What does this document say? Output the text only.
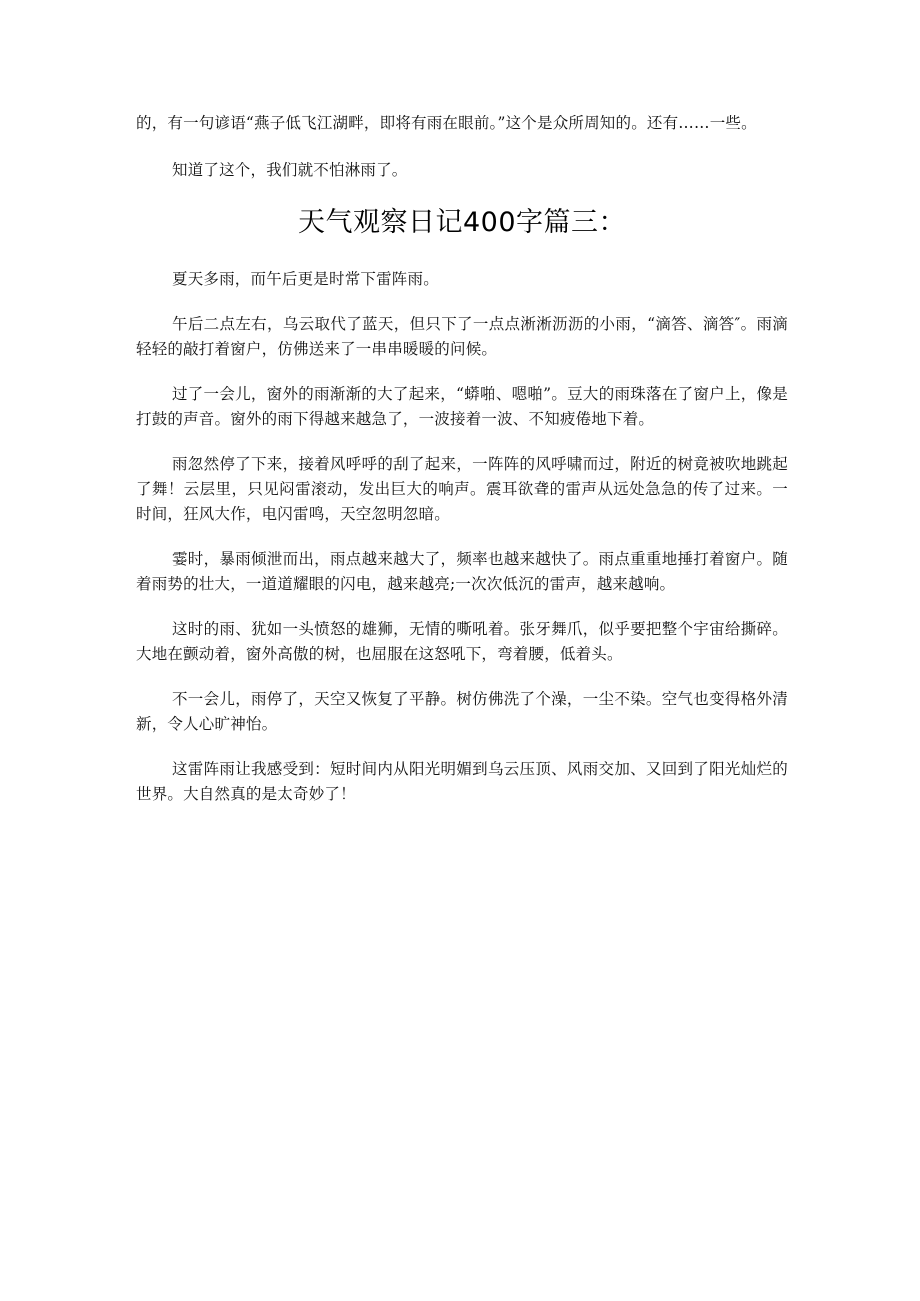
的，有一句谚语“燕子低飞江湖畔，即将有雨在眼前。”这个是众所周知的。还有……一些。

知道了这个，我们就不怕淋雨了。

天气观察日记400字篇三：

夏天多雨，而午后更是时常下雷阵雨。

午后二点左右，乌云取代了蓝天，但只下了一点点淅淅沥沥的小雨，“滴答、滴答″。雨滴轻轻的敲打着窗户，仿佛送来了一串串暖暖的问候。

过了一会儿，窗外的雨渐渐的大了起来，“蟒啪、嗯啪”。豆大的雨珠落在了窗户上，像是打鼓的声音。窗外的雨下得越来越急了，一波接着一波、不知疲倦地下着。

雨忽然停了下来，接着风呼呼的刮了起来，一阵阵的风呼啸而过，附近的树竟被吹地跳起了舞！云层里，只见闷雷滚动，发出巨大的响声。震耳欲聋的雷声从远处急急的传了过来。一时间，狂风大作，电闪雷鸣，天空忽明忽暗。

霎时，暴雨倾泄而出，雨点越来越大了，频率也越来越快了。雨点重重地捶打着窗户。随着雨势的壮大，一道道耀眼的闪电，越来越亮;一次次低沉的雷声，越来越响。

这时的雨、犹如一头愤怒的雄狮，无情的嘶吼着。张牙舞爪，似乎要把整个宇宙给撕碎。大地在颤动着，窗外高傲的树，也屈服在这怒吼下，弯着腰，低着头。

不一会儿，雨停了，天空又恢复了平静。树仿佛洗了个澡，一尘不染。空气也变得格外清新，令人心旷神怡。

这雷阵雨让我感受到：短时间内从阳光明媚到乌云压顶、风雨交加、又回到了阳光灿烂的世界。大自然真的是太奇妙了！
